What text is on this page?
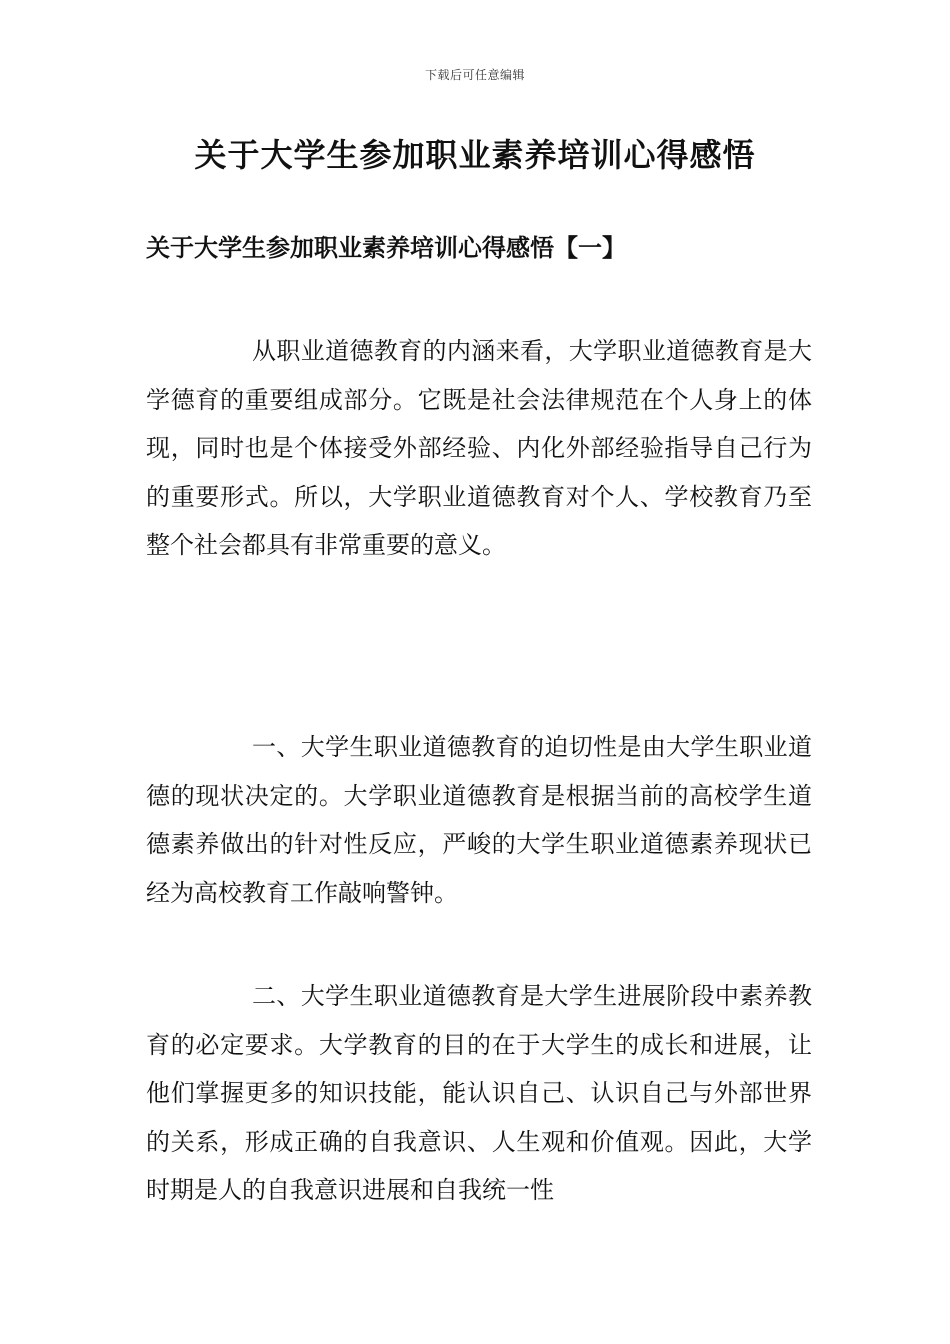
下载后可任意编辑
关于大学生参加职业素养培训心得感悟
关于大学生参加职业素养培训心得感悟【一】

从职业道德教育的内涵来看，大学职业道德教育是大学德育的重要组成部分。它既是社会法律规范在个人身上的体现，同时也是个体接受外部经验、内化外部经验指导自己行为的重要形式。所以，大学职业道德教育对个人、学校教育乃至整个社会都具有非常重要的意义。

一、大学生职业道德教育的迫切性是由大学生职业道德的现状决定的。大学职业道德教育是根据当前的高校学生道德素养做出的针对性反应，严峻的大学生职业道德素养现状已经为高校教育工作敲响警钟。

二、大学生职业道德教育是大学生进展阶段中素养教育的必定要求。大学教育的目的在于大学生的成长和进展，让他们掌握更多的知识技能，能认识自己、认识自己与外部世界的关系，形成正确的自我意识、人生观和价值观。因此，大学时期是人的自我意识进展和自我统一性
